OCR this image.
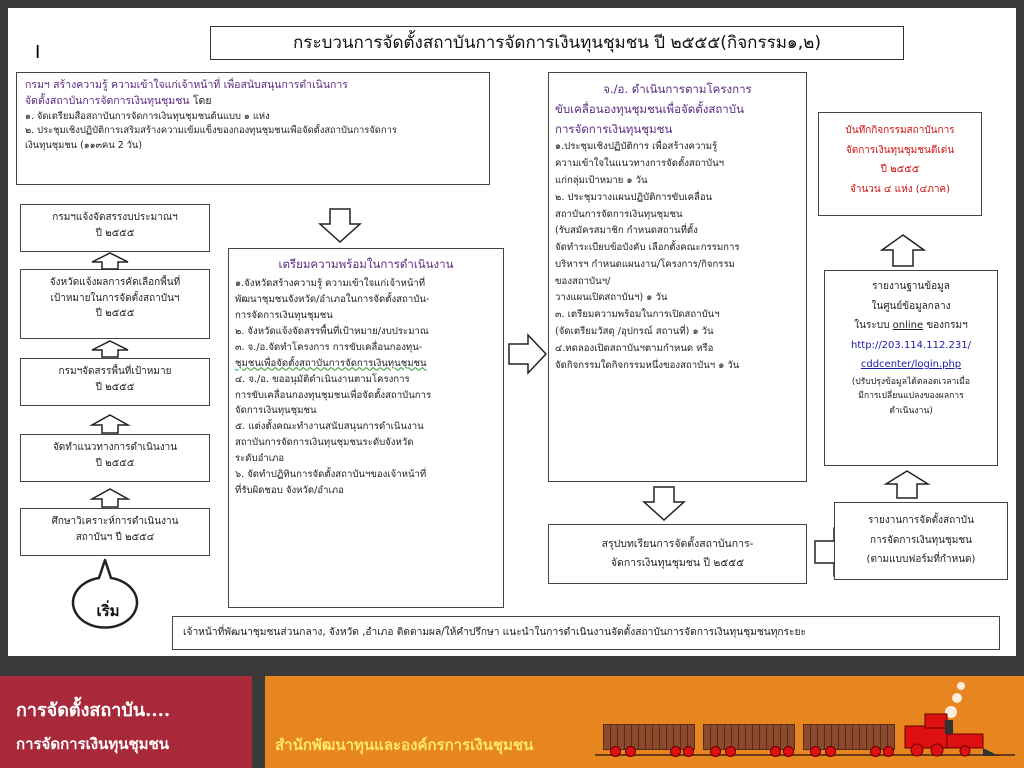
I	กระบวนการจัดตั้งสถาบันการจัดการเงินทุนชุมชน ปี ๒๕๕๕(กิจกรรม๑,๒)
กรมฯ สร้างความรู้ ความเข้าใจแก่เจ้าหน้าที่ เพื่อสนับสนุนการดำเนินการ
จัดตั้งสถาบันการจัดการเงินทุนชุมชน โดย
๑. จัดเตรียมสื่อสถาบันการจัดการเงินทุนชุมชนต้นแบบ ๑ แห่ง
๒. ประชุมเชิงปฏิบัติการเสริมสร้างความเข้มแข็งของกองทุนชุมชนเพื่อจัดตั้งสถาบันการจัดการ
เงินทุนชุมชน (๑๑๓คน 2 วัน)
กรมฯแจ้งจัดสรรงบประมาณฯ
ปี ๒๕๕๕
จังหวัดแจ้งผลการคัดเลือกพื้นที่
เป้าหมายในการจัดตั้งสถาบันฯ
ปี ๒๕๕๕
กรมฯจัดสรรพื้นที่เป้าหมาย
ปี ๒๕๕๕
จัดทำแนวทางการดำเนินงาน
ปี ๒๕๕๕
ศึกษาวิเคราะห์การดำเนินงาน
สถาบันฯ ปี ๒๕๕๔
เริ่ม
เตรียมความพร้อมในการดำเนินงาน
๑.จังหวัดสร้างความรู้ ความเข้าใจแก่เจ้าหน้าที่
พัฒนาชุมชนจังหวัด/อำเภอในการจัดตั้งสถาบัน-
การจัดการเงินทุนชุมชน
๒. จังหวัดแจ้งจัดสรรพื้นที่เป้าหมาย/งบประมาณ
๓. จ./อ.จัดทำโครงการ การขับเคลื่อนกองทุน-
ชุมชนเพื่อจัดตั้งสถาบันการจัดการเงินทุนชุมชน
๔. จ./อ. ขออนุมัติดำเนินงานตามโครงการ
การขับเคลื่อนกองทุนชุมชนเพื่อจัดตั้งสถาบันการ
จัดการเงินทุนชุมชน
๕. แต่งตั้งคณะทำงานสนับสนุนการดำเนินงาน
สถาบันการจัดการเงินทุนชุมชนระดับจังหวัด
ระดับอำเภอ
๖. จัดทำปฏิทินการจัดตั้งสถาบันฯของเจ้าหน้าที่
ที่รับผิดชอบ จังหวัด/อำเภอ
จ./อ. ดำเนินการตามโครงการ
ขับเคลื่อนองทุนชุมชนเพื่อจัดตั้งสถาบัน
การจัดการเงินทุนชุมชน
๑.ประชุมเชิงปฏิบัติการ เพื่อสร้างความรู้
ความเข้าใจในแนวทางการจัดตั้งสถาบันฯ
แก่กลุ่มเป้าหมาย ๑ วัน
๒. ประชุมวางแผนปฏิบัติการขับเคลื่อน
สถาบันการจัดการเงินทุนชุมชน
(รับสมัครสมาชิก กำหนดสถานที่ตั้ง
จัดทำระเบียบข้อบังคับ เลือกตั้งคณะกรรมการ
บริหารฯ กำหนดแผนงาน/โครงการ/กิจกรรม
ของสถาบันฯ/
วางแผนเปิดสถาบันฯ) ๑ วัน
๓. เตรียมความพร้อมในการเปิดสถาบันฯ
(จัดเตรียมวัสดุ /อุปกรณ์ สถานที่) ๑ วัน
๔.ทดลองเปิดสถาบันฯตามกำหนด หรือ
จัดกิจกรรมใดกิจกรรมหนึ่งของสถาบันฯ ๑ วัน
สรุปบทเรียนการจัดตั้งสถาบันการ-
จัดการเงินทุนชุมชน ปี ๒๕๕๕
บันทึกกิจกรรมสถาบันการ
จัดการเงินทุนชุมชนดีเด่น
ปี ๒๕๕๕
จำนวน ๔ แห่ง (๔ภาค)
รายงานฐานข้อมูล
ในศูนย์ข้อมูลกลาง
ในระบบ online ของกรมฯ
http://203.114.112.231/
cddcenter/login.php
(ปรับปรุงข้อมูลได้ตลอดเวลาเมื่อ
มีการเปลี่ยนแปลงของผลการ
ดำเนินงาน)
รายงานการจัดตั้งสถาบัน
การจัดการเงินทุนชุมชน
(ตามแบบฟอร์มที่กำหนด)
เจ้าหน้าที่พัฒนาชุมชนส่วนกลาง, จังหวัด ,อำเภอ ติดตามผล/ให้คำปรึกษา แนะนำในการดำเนินงานจัดตั้งสถาบันการจัดการเงินทุนชุมชนทุกระยะ
การจัดตั้งสถาบัน....
การจัดการเงินทุนชุมชน	สำนักพัฒนาทุนและองค์กรการเงินชุมชน
